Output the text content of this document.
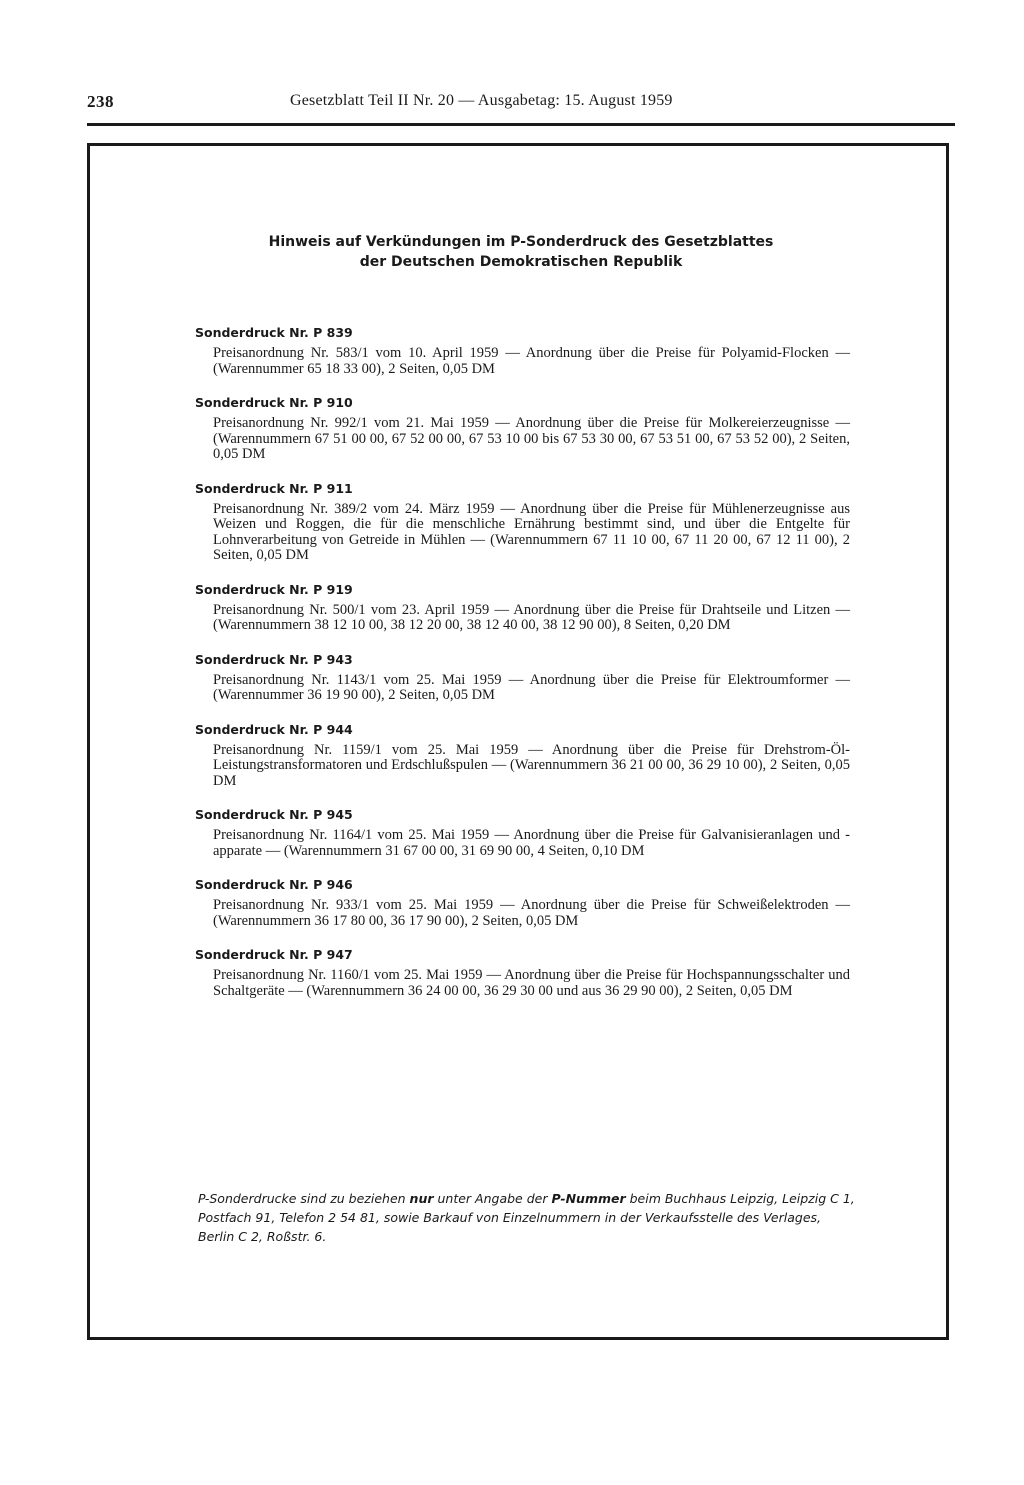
238	Gesetzblatt Teil II Nr. 20 — Ausgabetag: 15. August 1959
Hinweis auf Verkündungen im P-Sonderdruck des Gesetzblattes
der Deutschen Demokratischen Republik
Sonderdruck Nr. P 839
Preisanordnung Nr. 583/1 vom 10. April 1959 — Anordnung über die Preise für Polyamid-Flocken — (Warennummer 65 18 33 00), 2 Seiten, 0,05 DM
Sonderdruck Nr. P 910
Preisanordnung Nr. 992/1 vom 21. Mai 1959 — Anordnung über die Preise für Molkereierzeugnisse — (Warennummern 67 51 00 00, 67 52 00 00, 67 53 10 00 bis 67 53 30 00, 67 53 51 00, 67 53 52 00), 2 Seiten, 0,05 DM
Sonderdruck Nr. P 911
Preisanordnung Nr. 389/2 vom 24. März 1959 — Anordnung über die Preise für Mühlenerzeugnisse aus Weizen und Roggen, die für die menschliche Ernährung bestimmt sind, und über die Entgelte für Lohnverarbeitung von Getreide in Mühlen — (Warennummern 67 11 10 00, 67 11 20 00, 67 12 11 00), 2 Seiten, 0,05 DM
Sonderdruck Nr. P 919
Preisanordnung Nr. 500/1 vom 23. April 1959 — Anordnung über die Preise für Drahtseile und Litzen — (Warennummern 38 12 10 00, 38 12 20 00, 38 12 40 00, 38 12 90 00), 8 Seiten, 0,20 DM
Sonderdruck Nr. P 943
Preisanordnung Nr. 1143/1 vom 25. Mai 1959 — Anordnung über die Preise für Elektroumformer — (Warennummer 36 19 90 00), 2 Seiten, 0,05 DM
Sonderdruck Nr. P 944
Preisanordnung Nr. 1159/1 vom 25. Mai 1959 — Anordnung über die Preise für Drehstrom-Öl-Leistungstransformatoren und Erdschlußspulen — (Warennummern 36 21 00 00, 36 29 10 00), 2 Seiten, 0,05 DM
Sonderdruck Nr. P 945
Preisanordnung Nr. 1164/1 vom 25. Mai 1959 — Anordnung über die Preise für Galvanisieranlagen und -apparate — (Warennummern 31 67 00 00, 31 69 90 00, 4 Seiten, 0,10 DM
Sonderdruck Nr. P 946
Preisanordnung Nr. 933/1 vom 25. Mai 1959 — Anordnung über die Preise für Schweißelektroden — (Warennummern 36 17 80 00, 36 17 90 00), 2 Seiten, 0,05 DM
Sonderdruck Nr. P 947
Preisanordnung Nr. 1160/1 vom 25. Mai 1959 — Anordnung über die Preise für Hochspannungsschalter und Schaltgeräte — (Warennummern 36 24 00 00, 36 29 30 00 und aus 36 29 90 00), 2 Seiten, 0,05 DM
P-Sonderdrucke sind zu beziehen nur unter Angabe der P-Nummer beim Buchhaus Leipzig, Leipzig C 1, Postfach 91, Telefon 2 54 81, sowie Barkauf von Einzelnummern in der Verkaufsstelle des Verlages, Berlin C 2, Roßstr. 6.
